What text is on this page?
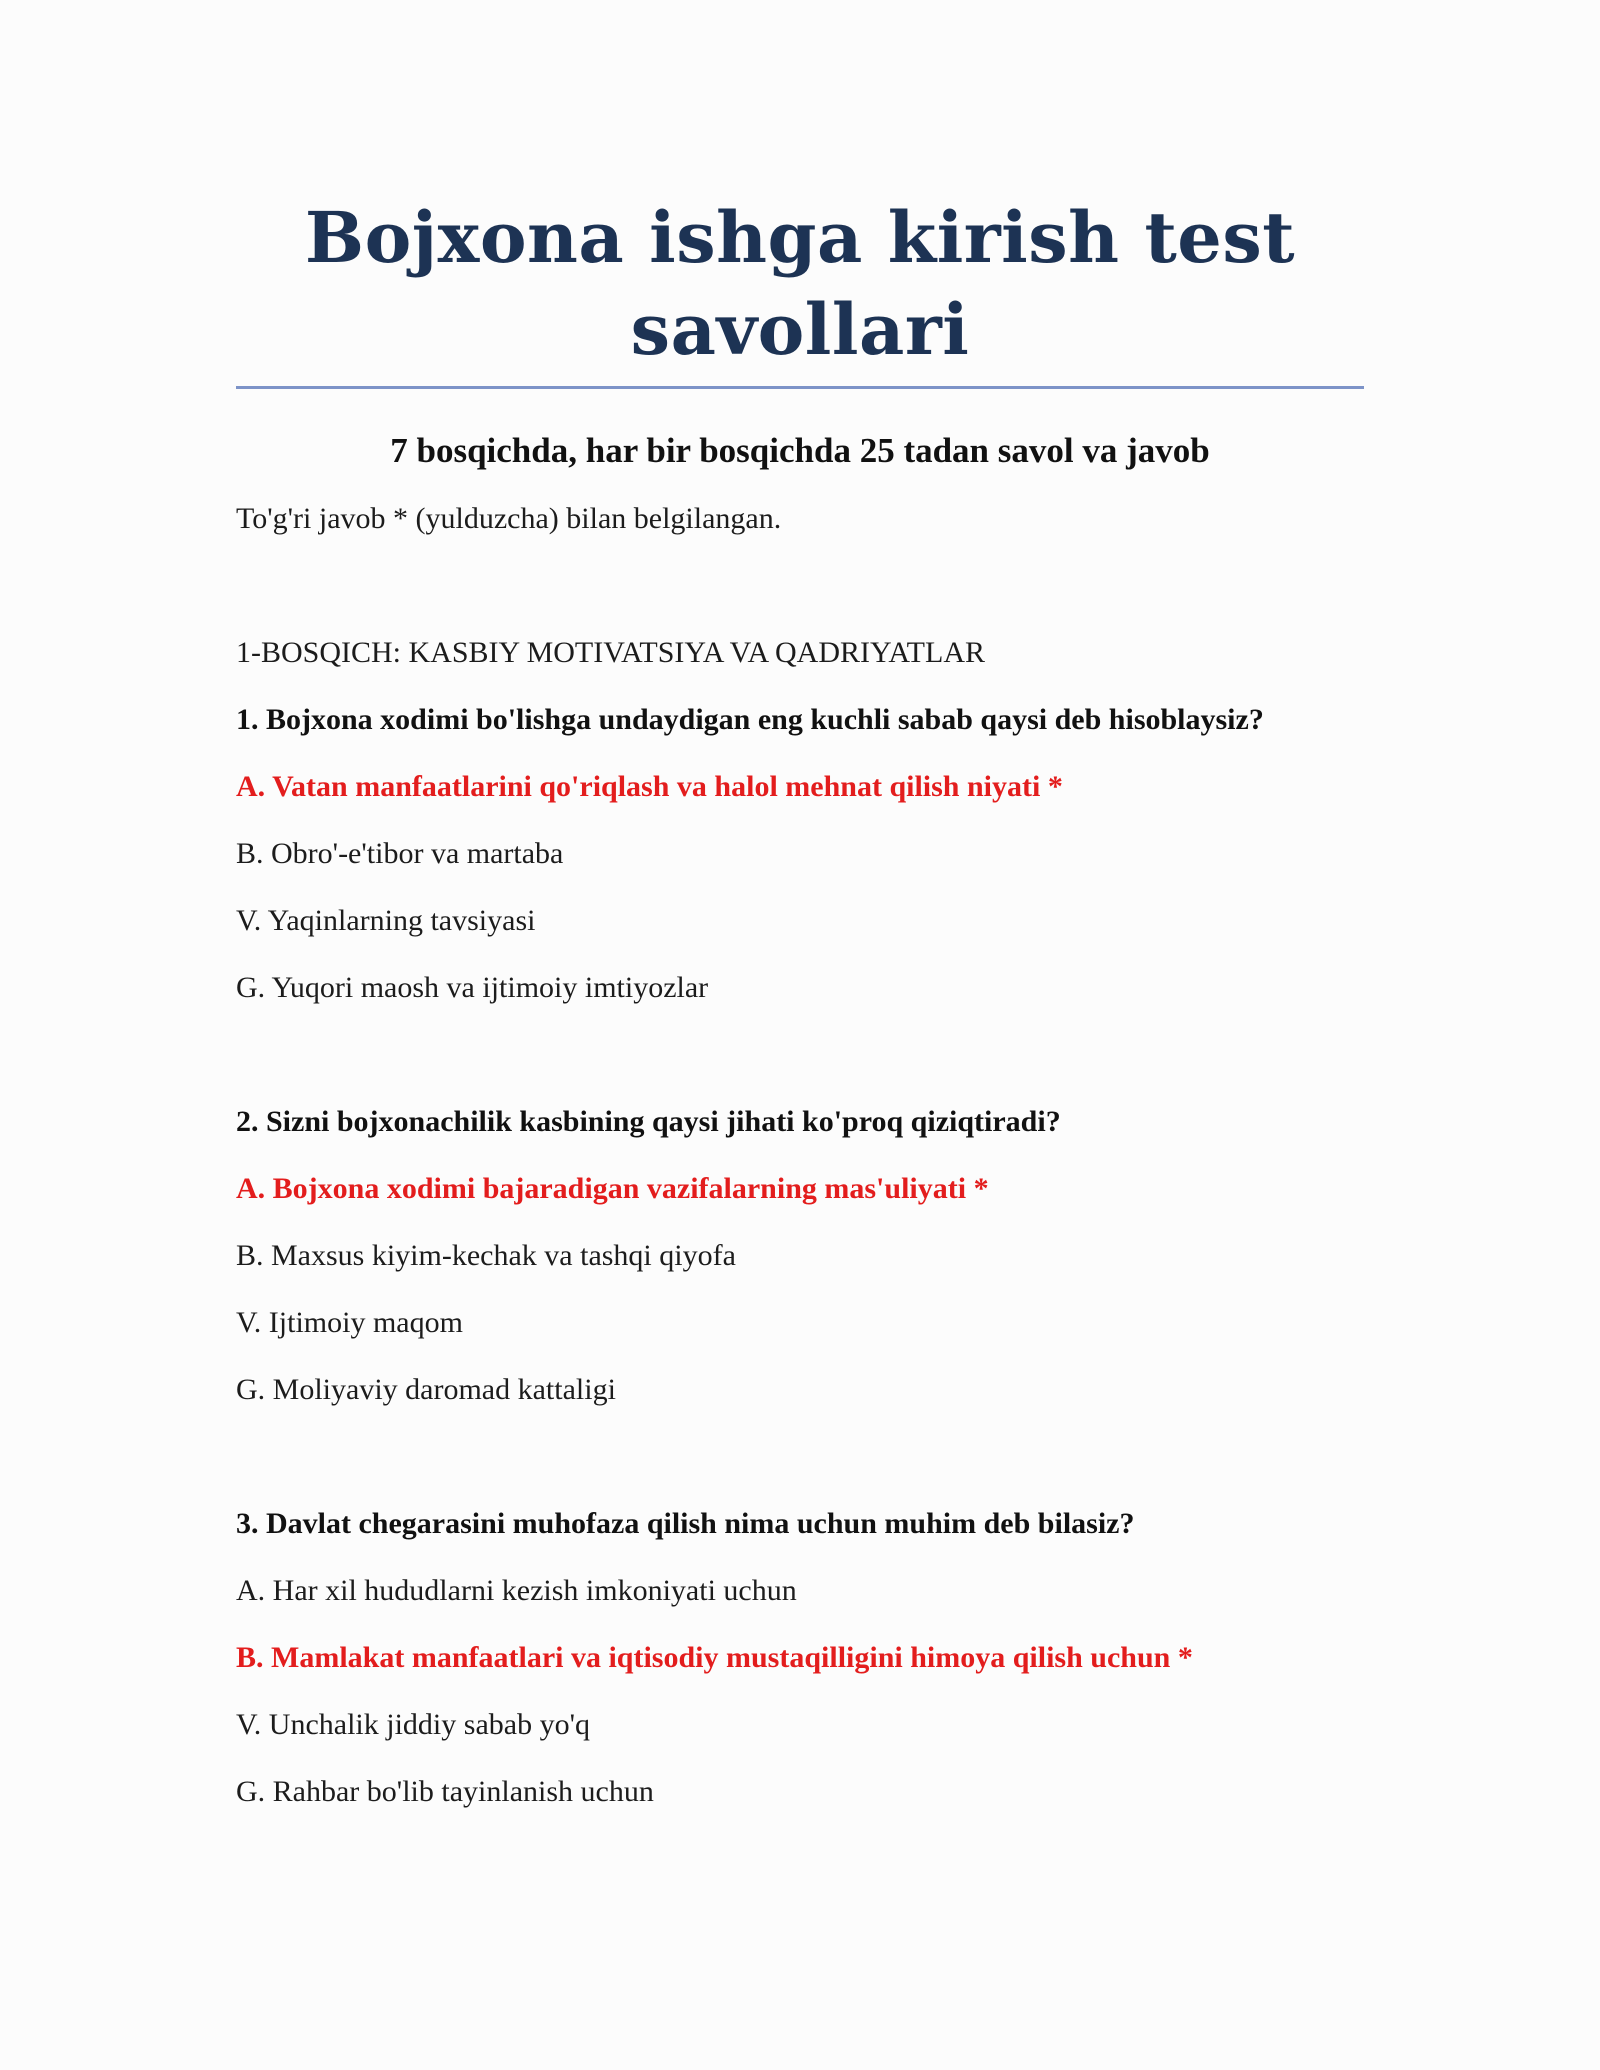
Bojxona ishga kirish test
savollari
7 bosqichda, har bir bosqichda 25 tadan savol va javob
To'g'ri javob * (yulduzcha) bilan belgilangan.
1-BOSQICH: KASBIY MOTIVATSIYA VA QADRIYATLAR
1. Bojxona xodimi bo'lishga undaydigan eng kuchli sabab qaysi deb hisoblaysiz?
A. Vatan manfaatlarini qo'riqlash va halol mehnat qilish niyati *
B. Obro'-e'tibor va martaba
V. Yaqinlarning tavsiyasi
G. Yuqori maosh va ijtimoiy imtiyozlar
2. Sizni bojxonachilik kasbining qaysi jihati ko'proq qiziqtiradi?
A. Bojxona xodimi bajaradigan vazifalarning mas'uliyati *
B. Maxsus kiyim-kechak va tashqi qiyofa
V. Ijtimoiy maqom
G. Moliyaviy daromad kattaligi
3. Davlat chegarasini muhofaza qilish nima uchun muhim deb bilasiz?
A. Har xil hududlarni kezish imkoniyati uchun
B. Mamlakat manfaatlari va iqtisodiy mustaqilligini himoya qilish uchun *
V. Unchalik jiddiy sabab yo'q
G. Rahbar bo'lib tayinlanish uchun
